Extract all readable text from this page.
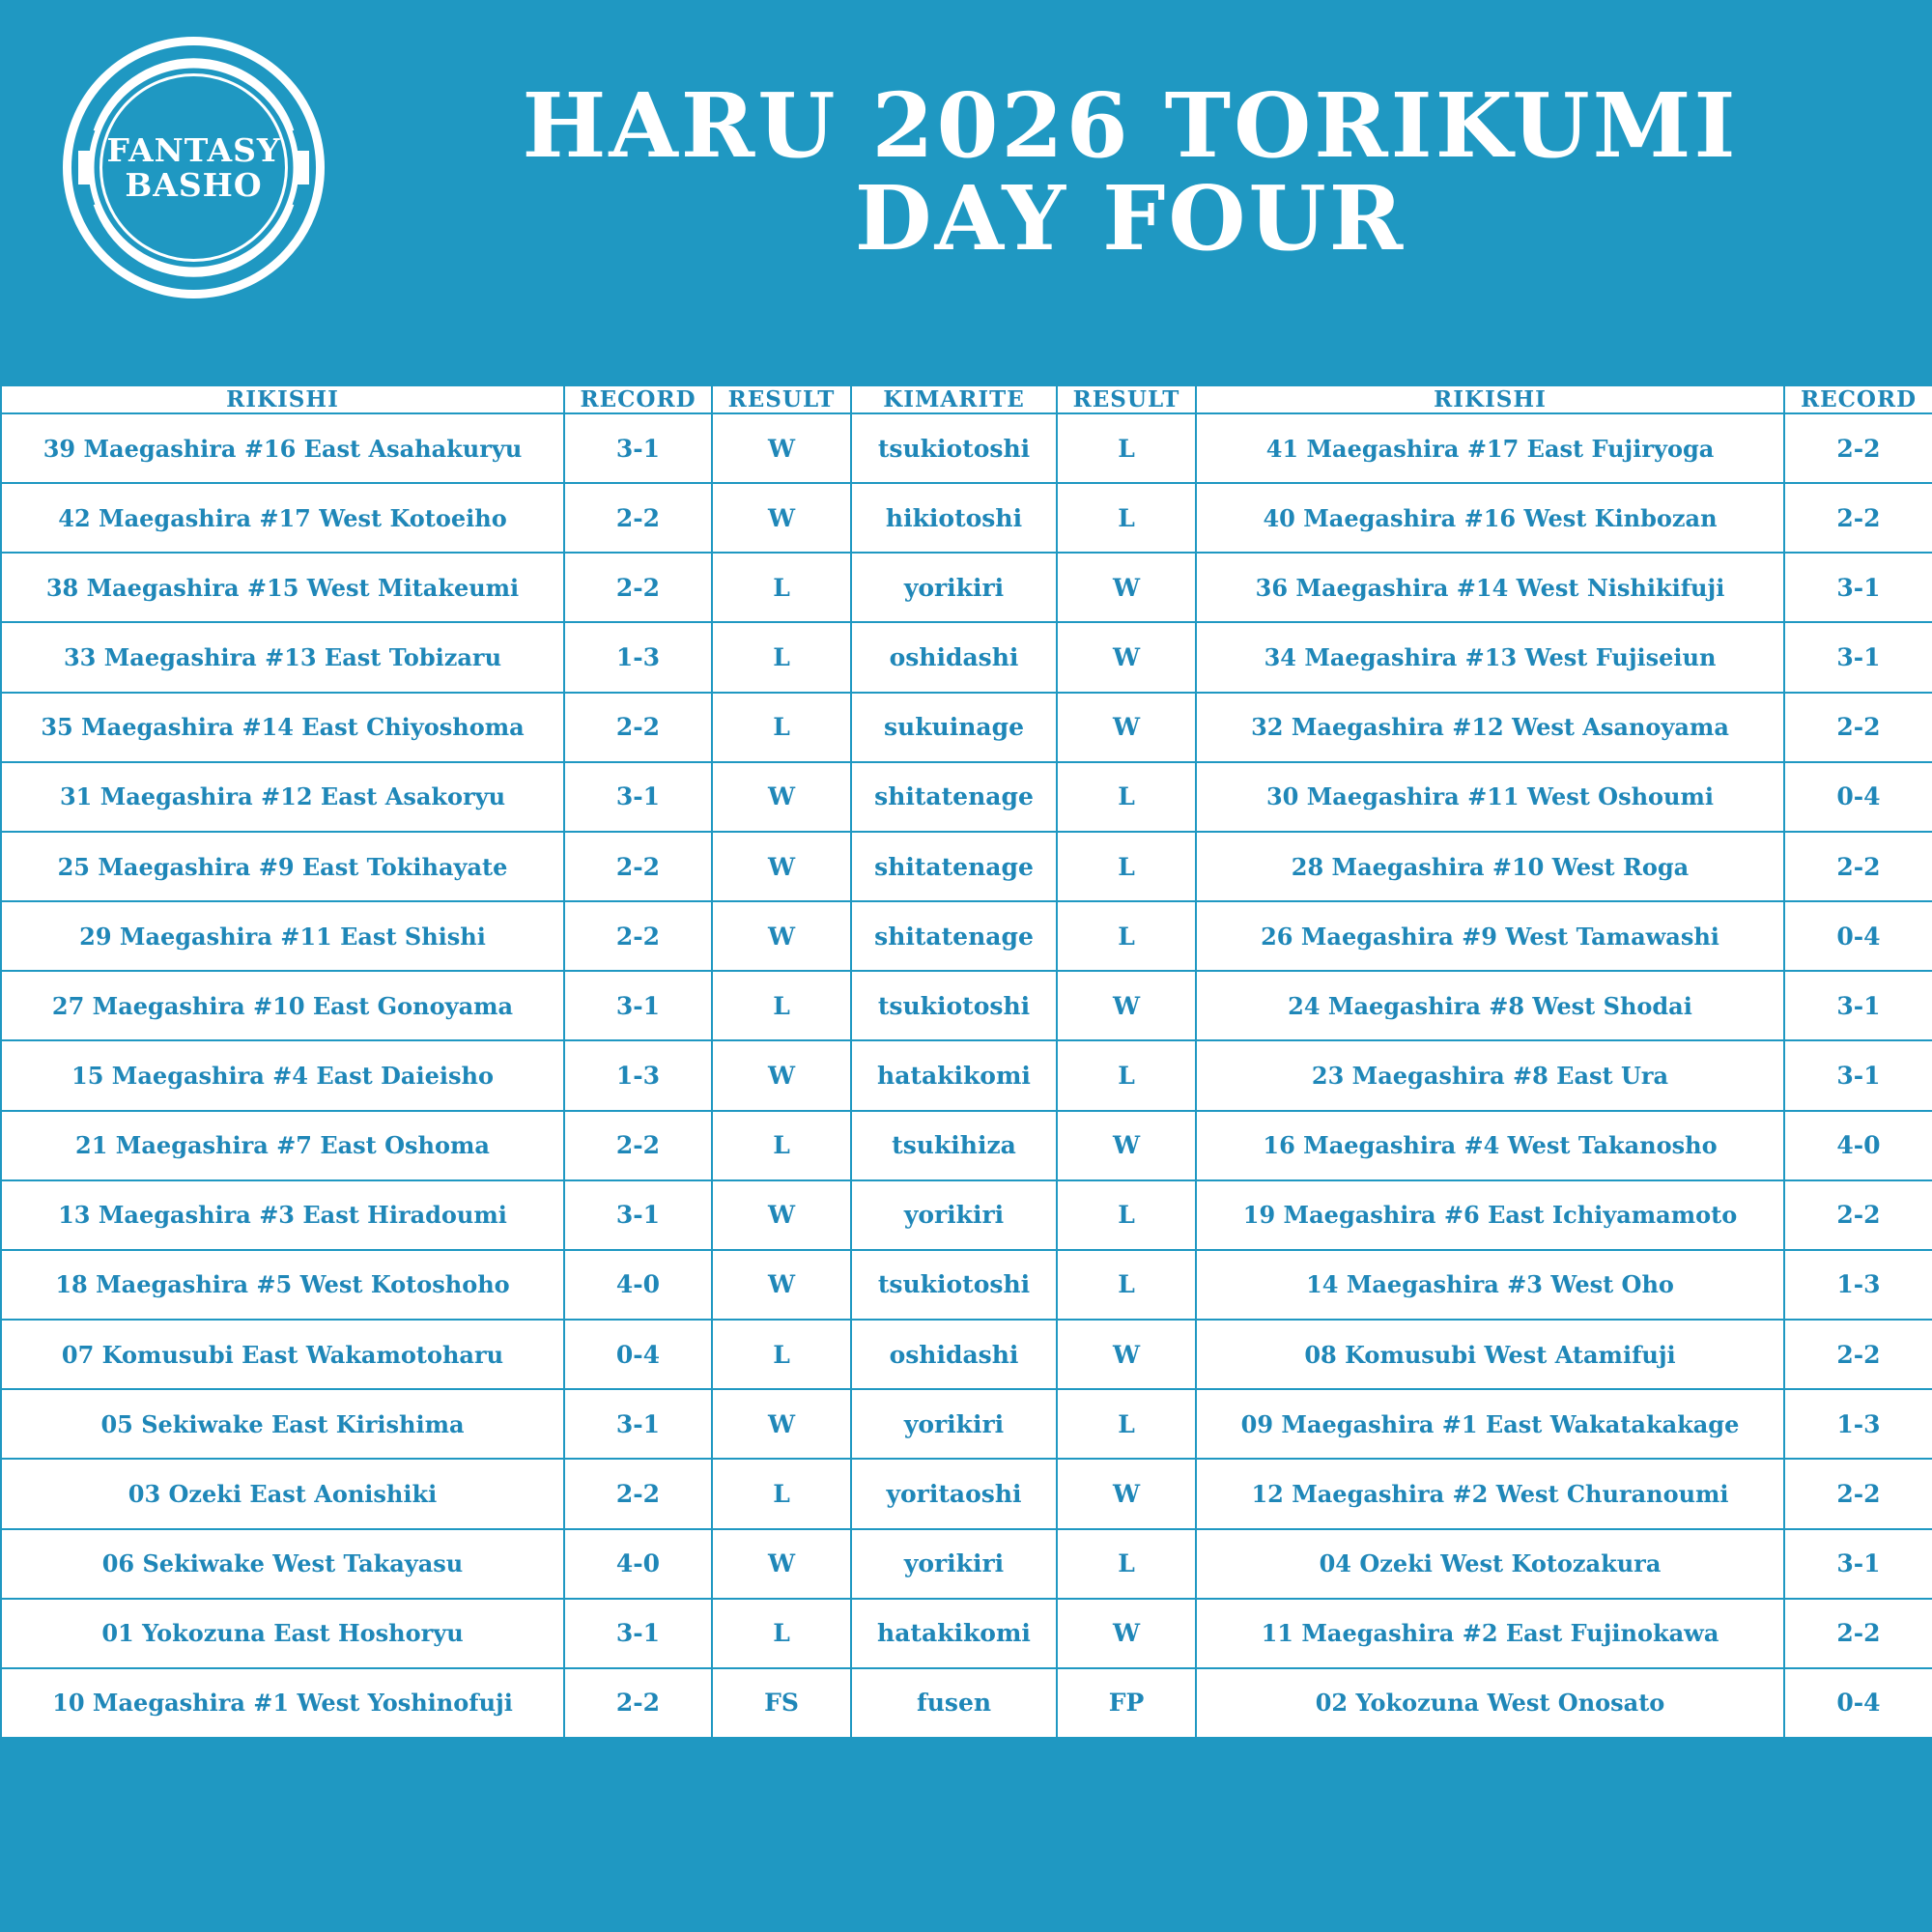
FANTASY
BASHO
HARU 2026 TORIKUMI
DAY FOUR
RIKISHI	RECORD	RESULT	KIMARITE	RESULT	RIKISHI	RECORD
39 Maegashira #16 East Asahakuryu	3-1	W	tsukiotoshi	L	41 Maegashira #17 East Fujiryoga	2-2
42 Maegashira #17 West Kotoeiho	2-2	W	hikiotoshi	L	40 Maegashira #16 West Kinbozan	2-2
38 Maegashira #15 West Mitakeumi	2-2	L	yorikiri	W	36 Maegashira #14 West Nishikifuji	3-1
33 Maegashira #13 East Tobizaru	1-3	L	oshidashi	W	34 Maegashira #13 West Fujiseiun	3-1
35 Maegashira #14 East Chiyoshoma	2-2	L	sukuinage	W	32 Maegashira #12 West Asanoyama	2-2
31 Maegashira #12 East Asakoryu	3-1	W	shitatenage	L	30 Maegashira #11 West Oshoumi	0-4
25 Maegashira #9 East Tokihayate	2-2	W	shitatenage	L	28 Maegashira #10 West Roga	2-2
29 Maegashira #11 East Shishi	2-2	W	shitatenage	L	26 Maegashira #9 West Tamawashi	0-4
27 Maegashira #10 East Gonoyama	3-1	L	tsukiotoshi	W	24 Maegashira #8 West Shodai	3-1
15 Maegashira #4 East Daieisho	1-3	W	hatakikomi	L	23 Maegashira #8 East Ura	3-1
21 Maegashira #7 East Oshoma	2-2	L	tsukihiza	W	16 Maegashira #4 West Takanosho	4-0
13 Maegashira #3 East Hiradoumi	3-1	W	yorikiri	L	19 Maegashira #6 East Ichiyamamoto	2-2
18 Maegashira #5 West Kotoshoho	4-0	W	tsukiotoshi	L	14 Maegashira #3 West Oho	1-3
07 Komusubi East Wakamotoharu	0-4	L	oshidashi	W	08 Komusubi West Atamifuji	2-2
05 Sekiwake East Kirishima	3-1	W	yorikiri	L	09 Maegashira #1 East Wakatakakage	1-3
03 Ozeki East Aonishiki	2-2	L	yoritaoshi	W	12 Maegashira #2 West Churanoumi	2-2
06 Sekiwake West Takayasu	4-0	W	yorikiri	L	04 Ozeki West Kotozakura	3-1
01 Yokozuna East Hoshoryu	3-1	L	hatakikomi	W	11 Maegashira #2 East Fujinokawa	2-2
10 Maegashira #1 West Yoshinofuji	2-2	FS	fusen	FP	02 Yokozuna West Onosato	0-4
